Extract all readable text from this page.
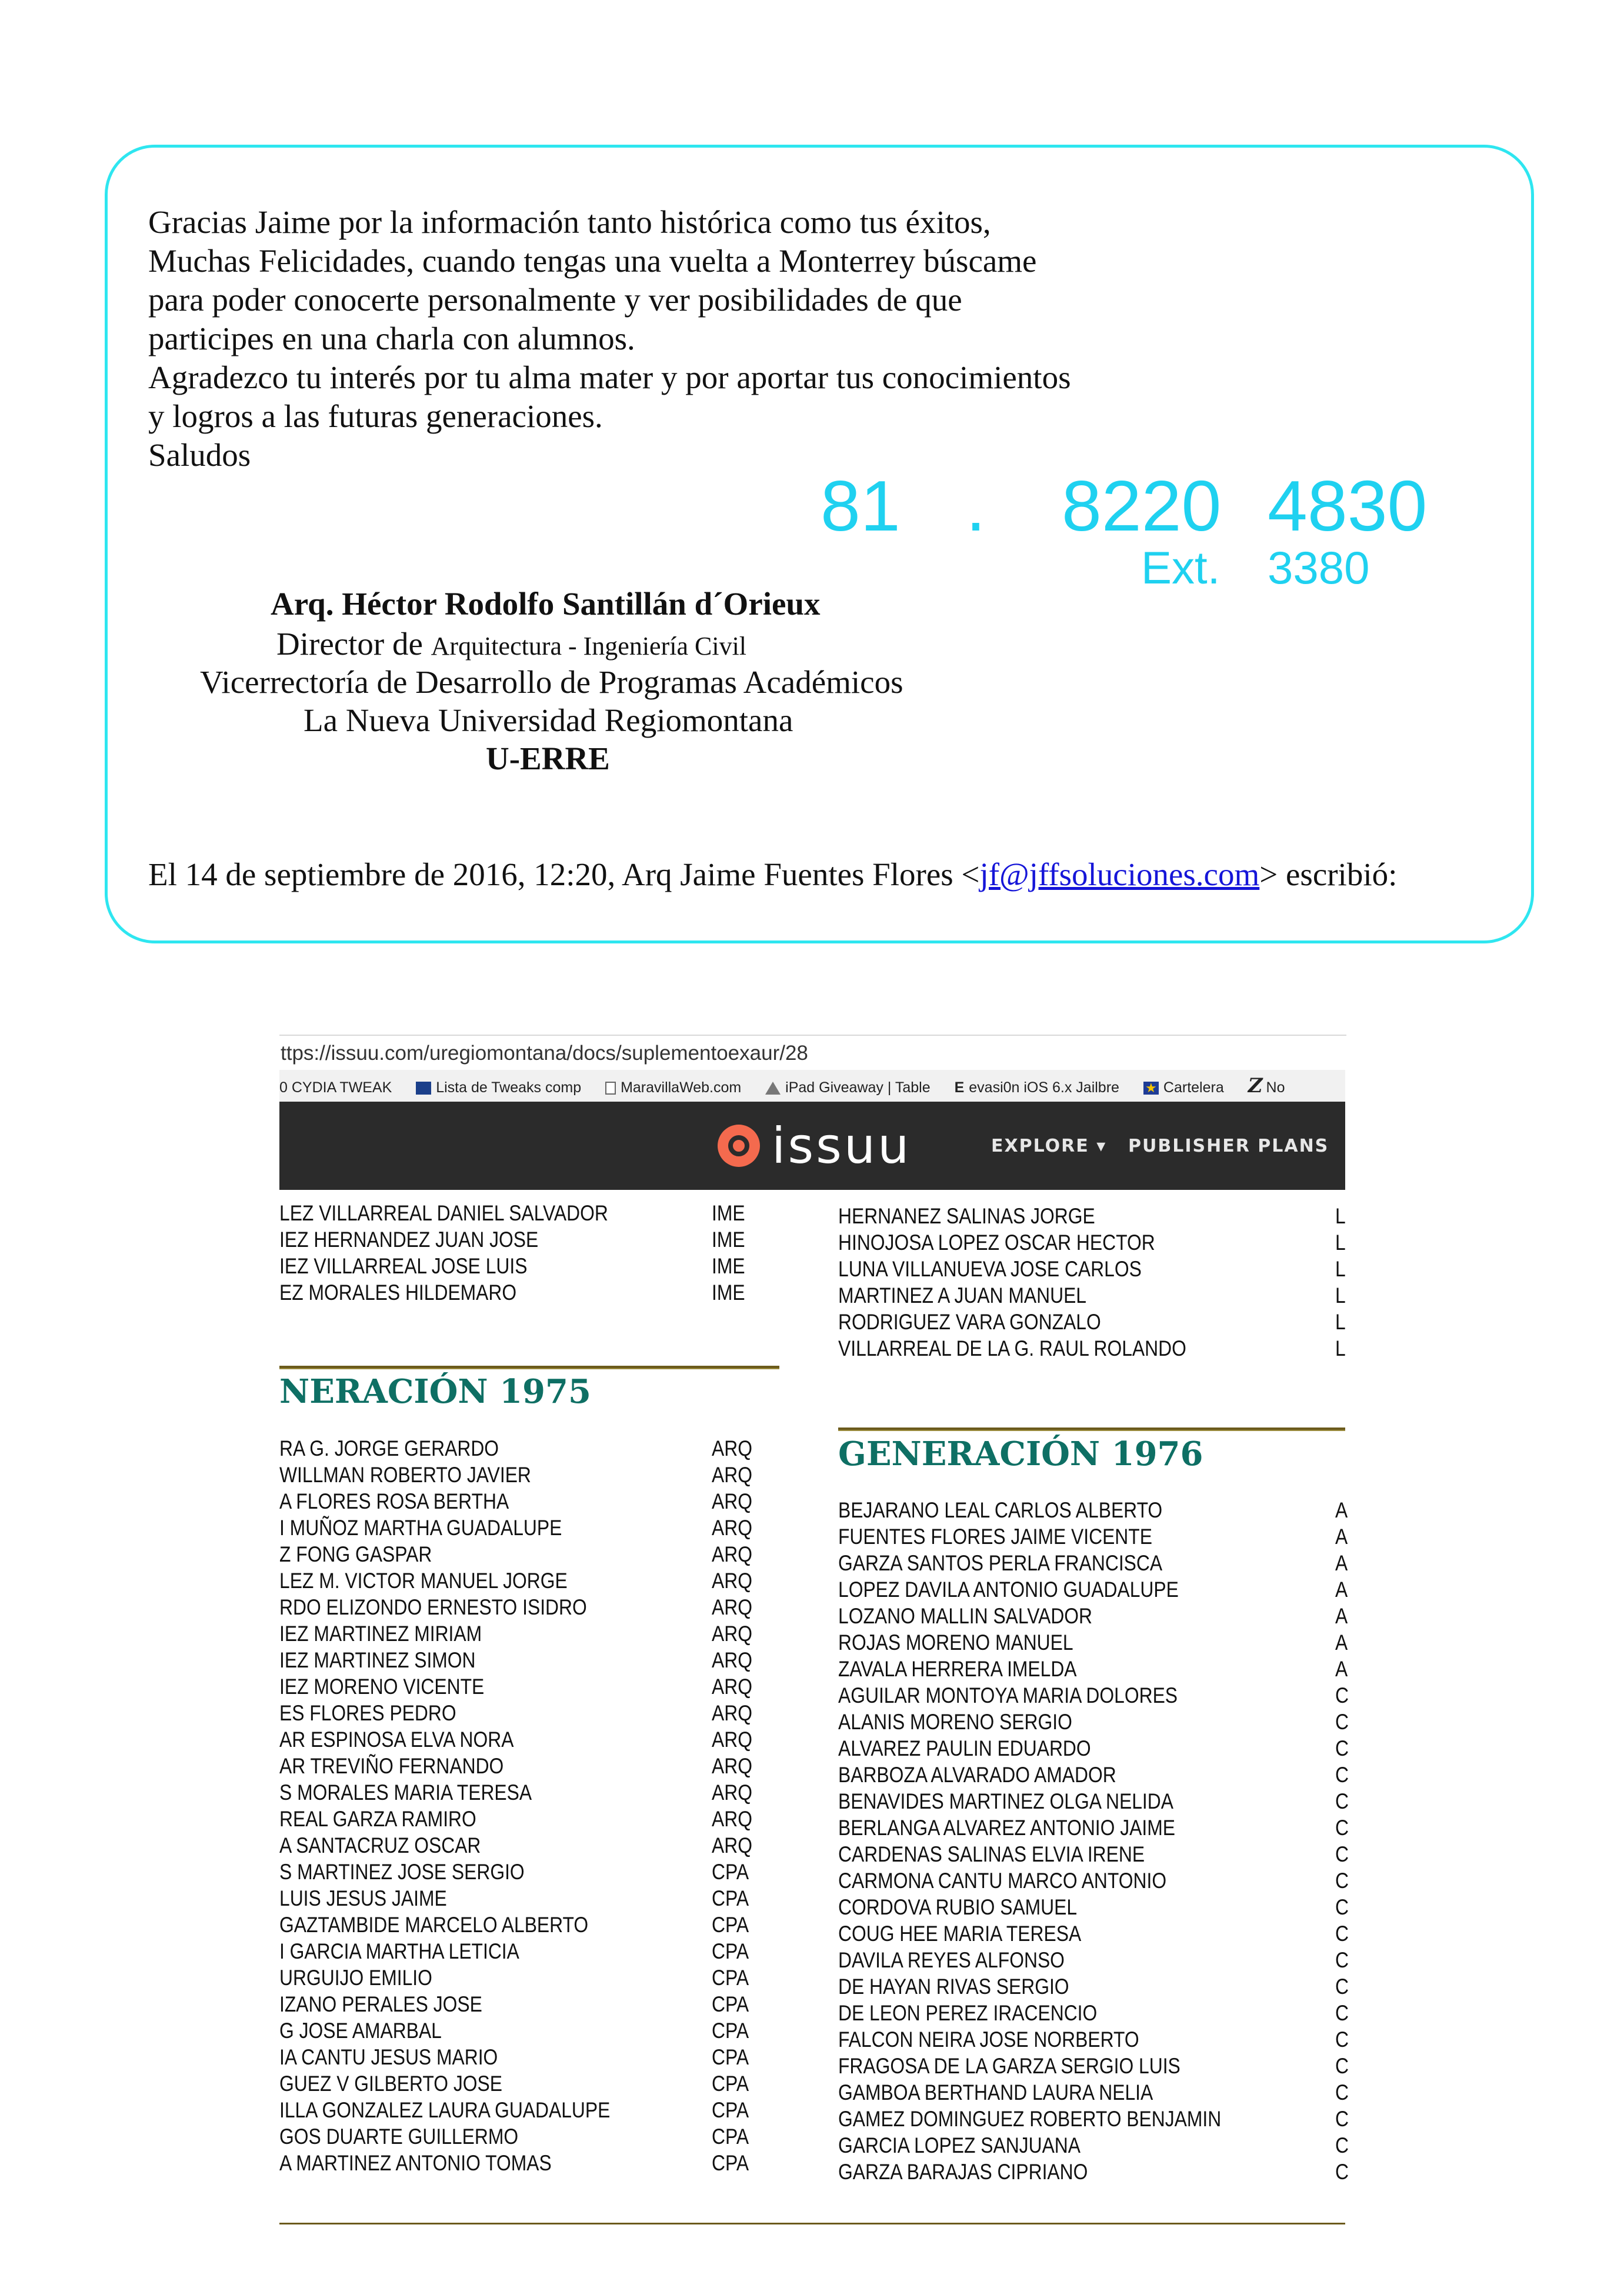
Gracias Jaime por la información tanto histórica como tus éxitos,
Muchas Felicidades, cuando tengas una vuelta a Monterrey búscame
para poder conocerte personalmente y ver posibilidades de que
participes en una charla con alumnos.
Agradezco tu interés por tu alma mater y por aportar tus conocimientos
y logros a las futuras generaciones.
Saludos
81 . 8220 4830
Ext. 3380
Arq. Héctor Rodolfo Santillán d´Orieux
Director de Arquitectura - Ingeniería Civil
Vicerrectoría de Desarrollo de Programas Académicos
La Nueva Universidad Regiomontana
U-ERRE
El 14 de septiembre de 2016, 12:20, Arq Jaime Fuentes Flores <jf@jffsoluciones.com> escribió:
ttps://issuu.com/uregiomontana/docs/suplementoexaur/28
0 CYDIA TWEAK	Lista de Tweaks comp	MaravillaWeb.com	iPad Giveaway | Table E evasi0n iOS 6.x Jailbre ★ Cartelera Z No
issuu	EXPLORE ▾ PUBLISHER PLANS
LEZ VILLARREAL DANIEL SALVADOR	IME
IEZ HERNANDEZ JUAN JOSE	IME
IEZ VILLARREAL JOSE LUIS	IME
EZ MORALES HILDEMARO	IME
NERACIÓN 1975
RA G. JORGE GERARDO	ARQ
WILLMAN ROBERTO JAVIER	ARQ
A FLORES ROSA BERTHA	ARQ
I MUÑOZ MARTHA GUADALUPE	ARQ
Z FONG GASPAR	ARQ
LEZ M. VICTOR MANUEL JORGE	ARQ
RDO ELIZONDO ERNESTO ISIDRO	ARQ
IEZ MARTINEZ MIRIAM	ARQ
IEZ MARTINEZ SIMON	ARQ
IEZ MORENO VICENTE	ARQ
ES FLORES PEDRO	ARQ
AR ESPINOSA ELVA NORA	ARQ
AR TREVIÑO FERNANDO	ARQ
S MORALES MARIA TERESA	ARQ
REAL GARZA RAMIRO	ARQ
A SANTACRUZ OSCAR	ARQ
S MARTINEZ JOSE SERGIO	CPA
LUIS JESUS JAIME	CPA
GAZTAMBIDE MARCELO ALBERTO	CPA
I GARCIA MARTHA LETICIA	CPA
URGUIJO EMILIO	CPA
IZANO PERALES JOSE	CPA
G JOSE AMARBAL	CPA
IA CANTU JESUS MARIO	CPA
GUEZ V GILBERTO JOSE	CPA
ILLA GONZALEZ LAURA GUADALUPE	CPA
GOS DUARTE GUILLERMO	CPA
A MARTINEZ ANTONIO TOMAS	CPA
HERNANEZ SALINAS JORGE	L
HINOJOSA LOPEZ OSCAR HECTOR	L
LUNA VILLANUEVA JOSE CARLOS	L
MARTINEZ A JUAN MANUEL	L
RODRIGUEZ VARA GONZALO	L
VILLARREAL DE LA G. RAUL ROLANDO	L
GENERACIÓN 1976
BEJARANO LEAL CARLOS ALBERTO	A
FUENTES FLORES JAIME VICENTE	A
GARZA SANTOS PERLA FRANCISCA	A
LOPEZ DAVILA ANTONIO GUADALUPE	A
LOZANO MALLIN SALVADOR	A
ROJAS MORENO MANUEL	A
ZAVALA HERRERA IMELDA	A
AGUILAR MONTOYA MARIA DOLORES	C
ALANIS MORENO SERGIO	C
ALVAREZ PAULIN EDUARDO	C
BARBOZA ALVARADO AMADOR	C
BENAVIDES MARTINEZ OLGA NELIDA	C
BERLANGA ALVAREZ ANTONIO JAIME	C
CARDENAS SALINAS ELVIA IRENE	C
CARMONA CANTU MARCO ANTONIO	C
CORDOVA RUBIO SAMUEL	C
COUG HEE MARIA TERESA	C
DAVILA REYES ALFONSO	C
DE HAYAN RIVAS SERGIO	C
DE LEON PEREZ IRACENCIO	C
FALCON NEIRA JOSE NORBERTO	C
FRAGOSA DE LA GARZA SERGIO LUIS	C
GAMBOA BERTHAND LAURA NELIA	C
GAMEZ DOMINGUEZ ROBERTO BENJAMIN	C
GARCIA LOPEZ SANJUANA	C
GARZA BARAJAS CIPRIANO	C
